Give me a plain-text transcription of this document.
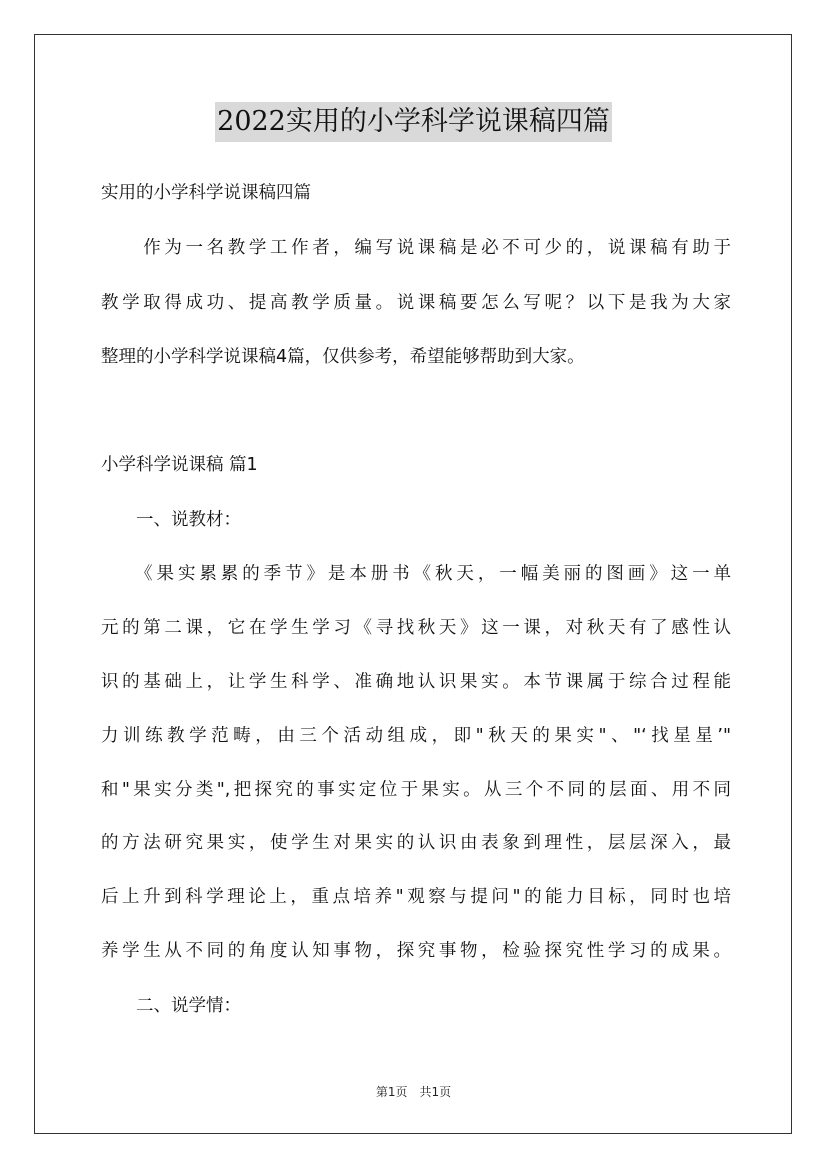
2022实用的小学科学说课稿四篇
实用的小学科学说课稿四篇
　　作为一名教学工作者，编写说课稿是必不可少的，说课稿有助于
教学取得成功、提高教学质量。说课稿要怎么写呢？以下是我为大家
整理的小学科学说课稿4篇，仅供参考，希望能够帮助到大家。
小学科学说课稿 篇1
　　一、说教材：
　　《果实累累的季节》是本册书《秋天，一幅美丽的图画》这一单
元的第二课，它在学生学习《寻找秋天》这一课，对秋天有了感性认
识的基础上，让学生科学、准确地认识果实。本节课属于综合过程能
力训练教学范畴，由三个活动组成，即"秋天的果实"、"‘找星星’"
和"果实分类",把探究的事实定位于果实。从三个不同的层面、用不同
的方法研究果实，使学生对果实的认识由表象到理性，层层深入，最
后上升到科学理论上，重点培养"观察与提问"的能力目标，同时也培
养学生从不同的角度认知事物，探究事物，检验探究性学习的成果。
　　二、说学情：
第1页　共1页
